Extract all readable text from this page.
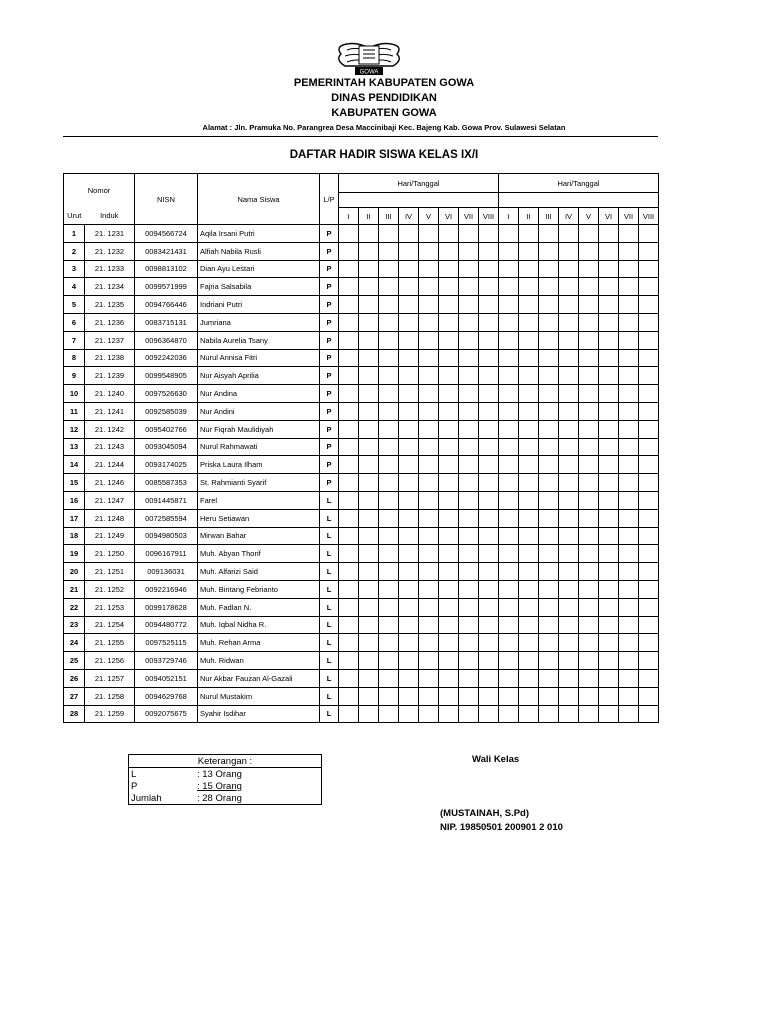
GOWA
PEMERINTAH KABUPATEN GOWA
DINAS PENDIDIKAN
KABUPATEN GOWA
Alamat : Jln. Pramuka No. Parangrea Desa Maccinibaji Kec. Bajeng Kab. Gowa Prov. Sulawesi Selatan
DAFTAR HADIR SISWA KELAS IX/I
Nomor		NISN	Nama Siswa	L/P	Hari/Tanggal								Hari/Tanggal							

Urut	Induk				I	II	III	IV	V	VI	VII	VIII	I	II	III	IV	V	VI	VII	VIII
1	21. 1231	0094566724	Aqila Irsani Putri	P																
2	21. 1232	0083421431	Alfiah Nabila Rusli	P																
3	21. 1233	0098813102	Dian Ayu Lestari	P																
4	21. 1234	0099571999	Fajria Salsabila	P																
5	21. 1235	0094766446	Indriani Putri	P																
6	21. 1236	0083715131	Jumriana	P																
7	21. 1237	0096364870	Nabila Aurelia Tsany	P																
8	21. 1238	0092242036	Nurul Annisa Fitri	P																
9	21. 1239	0099548905	Nur Aisyah Aprilia	P																
10	21. 1240	0097526630	Nur Andina	P																
11	21. 1241	0092585039	Nur Andini	P																
12	21. 1242	0095402766	Nur Fiqrah Maulidiyah	P																
13	21. 1243	0093045094	Nurul Rahmawati	P																
14	21. 1244	0093174025	Priska Laura Ilham	P																
15	21. 1246	0085587353	St. Rahmianti Syarif	P																
16	21. 1247	0091445871	Farel	L																
17	21. 1248	0072585594	Heru Setiawan	L																
18	21. 1249	0094980503	Mirwan Bahar	L																
19	21. 1250	0096167911	Muh. Abyan Thorif	L																
20	21. 1251	009136031	Muh. Alfarizi Said	L																
21	21. 1252	0092216946	Muh. Bintang Febrianto	L																
22	21. 1253	0099178628	Muh. Fadlan N.	L																
23	21. 1254	0094480772	Muh. Iqbal Nidha R.	L																
24	21. 1255	0097525115	Muh. Rehan Arma	L																
25	21. 1256	0093729746	Muh. Ridwan	L																
26	21. 1257	0094052151	Nur Akbar Fauzan Al-Gazali	L																
27	21. 1258	0094629768	Nurul Mustakim	L																
28	21. 1259	0092075675	Syahir Isdihar	L																
Keterangan :	
L	: 13 Orang
P	: 15 Orang
Jumlah	: 28 Orang
Wali Kelas
(MUSTAINAH, S.Pd)
NIP. 19850501 200901 2 010
